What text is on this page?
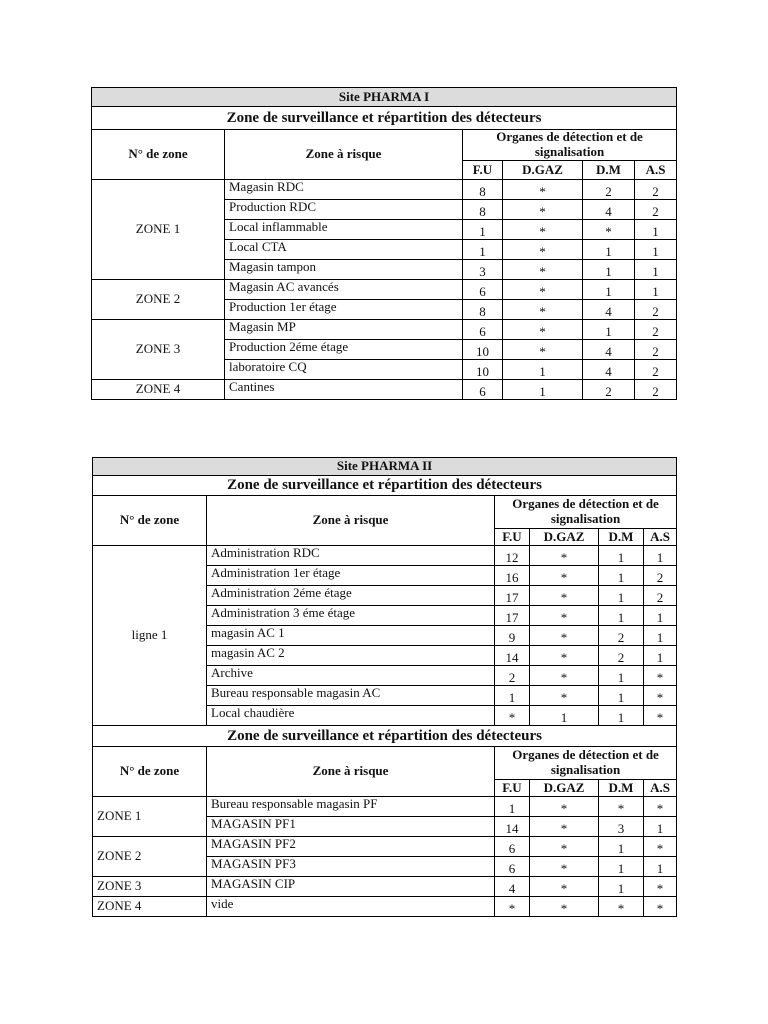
Site PHARMA I					
Zone de surveillance et répartition des détecteurs					
N° de zone	Zone à risque	Organes de détection et de signalisation			
		F.U	D.GAZ	D.M	A.S
ZONE 1	Magasin RDC	8	*	2	2
	Production RDC	8	*	4	2
	Local inflammable	1	*	*	1
	Local CTA	1	*	1	1
	Magasin tampon	3	*	1	1
ZONE 2	Magasin AC avancés	6	*	1	1
	Production 1er étage	8	*	4	2
ZONE 3	Magasin MP	6	*	1	2
	Production 2éme étage	10	*	4	2
	laboratoire CQ	10	1	4	2
ZONE 4	Cantines	6	1	2	2
Site PHARMA II					
Zone de surveillance et répartition des détecteurs					
N° de zone	Zone à risque	Organes de détection et de signalisation			
		F.U	D.GAZ	D.M	A.S
ligne 1	Administration RDC	12	*	1	1
	Administration 1er étage	16	*	1	2
	Administration 2éme étage	17	*	1	2
	Administration 3 éme étage	17	*	1	1
	magasin AC 1	9	*	2	1
	magasin AC 2	14	*	2	1
	Archive	2	*	1	*
	Bureau responsable magasin AC	1	*	1	*
	Local chaudière	*	1	1	*
Zone de surveillance et répartition des détecteurs					
N° de zone	Zone à risque	Organes de détection et de signalisation			
		F.U	D.GAZ	D.M	A.S
ZONE 1	Bureau responsable magasin PF	1	*	*	*
	MAGASIN PF1	14	*	3	1
ZONE 2	MAGASIN PF2	6	*	1	*
	MAGASIN PF3	6	*	1	1
ZONE 3	MAGASIN CIP	4	*	1	*
ZONE 4	vide	*	*	*	*
